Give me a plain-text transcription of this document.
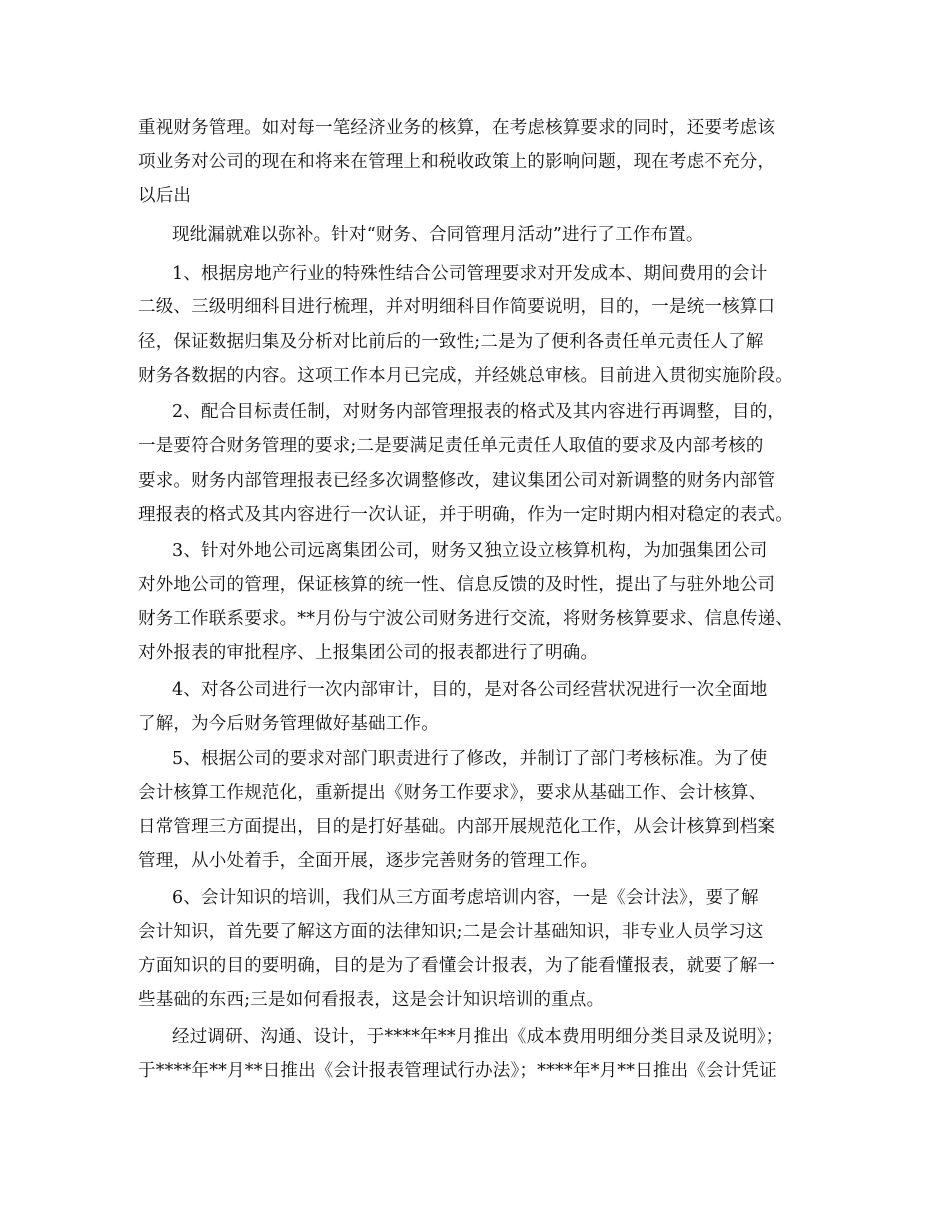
重视财务管理。如对每一笔经济业务的核算，在考虑核算要求的同时，还要考虑该
项业务对公司的现在和将来在管理上和税收政策上的影响问题，现在考虑不充分，
以后出
现纰漏就难以弥补。针对“财务、合同管理月活动”进行了工作布置。
1、根据房地产行业的特殊性结合公司管理要求对开发成本、期间费用的会计
二级、三级明细科目进行梳理，并对明细科目作简要说明，目的，一是统一核算口
径，保证数据归集及分析对比前后的一致性;二是为了便利各责任单元责任人了解
财务各数据的内容。这项工作本月已完成，并经姚总审核。目前进入贯彻实施阶段。
2、配合目标责任制，对财务内部管理报表的格式及其内容进行再调整，目的，
一是要符合财务管理的要求;二是要满足责任单元责任人取值的要求及内部考核的
要求。财务内部管理报表已经多次调整修改，建议集团公司对新调整的财务内部管
理报表的格式及其内容进行一次认证，并于明确，作为一定时期内相对稳定的表式。
3、针对外地公司远离集团公司，财务又独立设立核算机构，为加强集团公司
对外地公司的管理，保证核算的统一性、信息反馈的及时性，提出了与驻外地公司
财务工作联系要求。**月份与宁波公司财务进行交流，将财务核算要求、信息传递、
对外报表的审批程序、上报集团公司的报表都进行了明确。
4、对各公司进行一次内部审计，目的，是对各公司经营状况进行一次全面地
了解，为今后财务管理做好基础工作。
5、根据公司的要求对部门职责进行了修改，并制订了部门考核标准。为了使
会计核算工作规范化，重新提出《财务工作要求》，要求从基础工作、会计核算、
日常管理三方面提出，目的是打好基础。内部开展规范化工作，从会计核算到档案
管理，从小处着手，全面开展，逐步完善财务的管理工作。
6、会计知识的培训，我们从三方面考虑培训内容，一是《会计法》，要了解
会计知识，首先要了解这方面的法律知识;二是会计基础知识，非专业人员学习这
方面知识的目的要明确，目的是为了看懂会计报表，为了能看懂报表，就要了解一
些基础的东西;三是如何看报表，这是会计知识培训的重点。
经过调研、沟通、设计，于****年**月推出《成本费用明细分类目录及说明》；
于****年**月**日推出《会计报表管理试行办法》；****年*月**日推出《会计凭证
